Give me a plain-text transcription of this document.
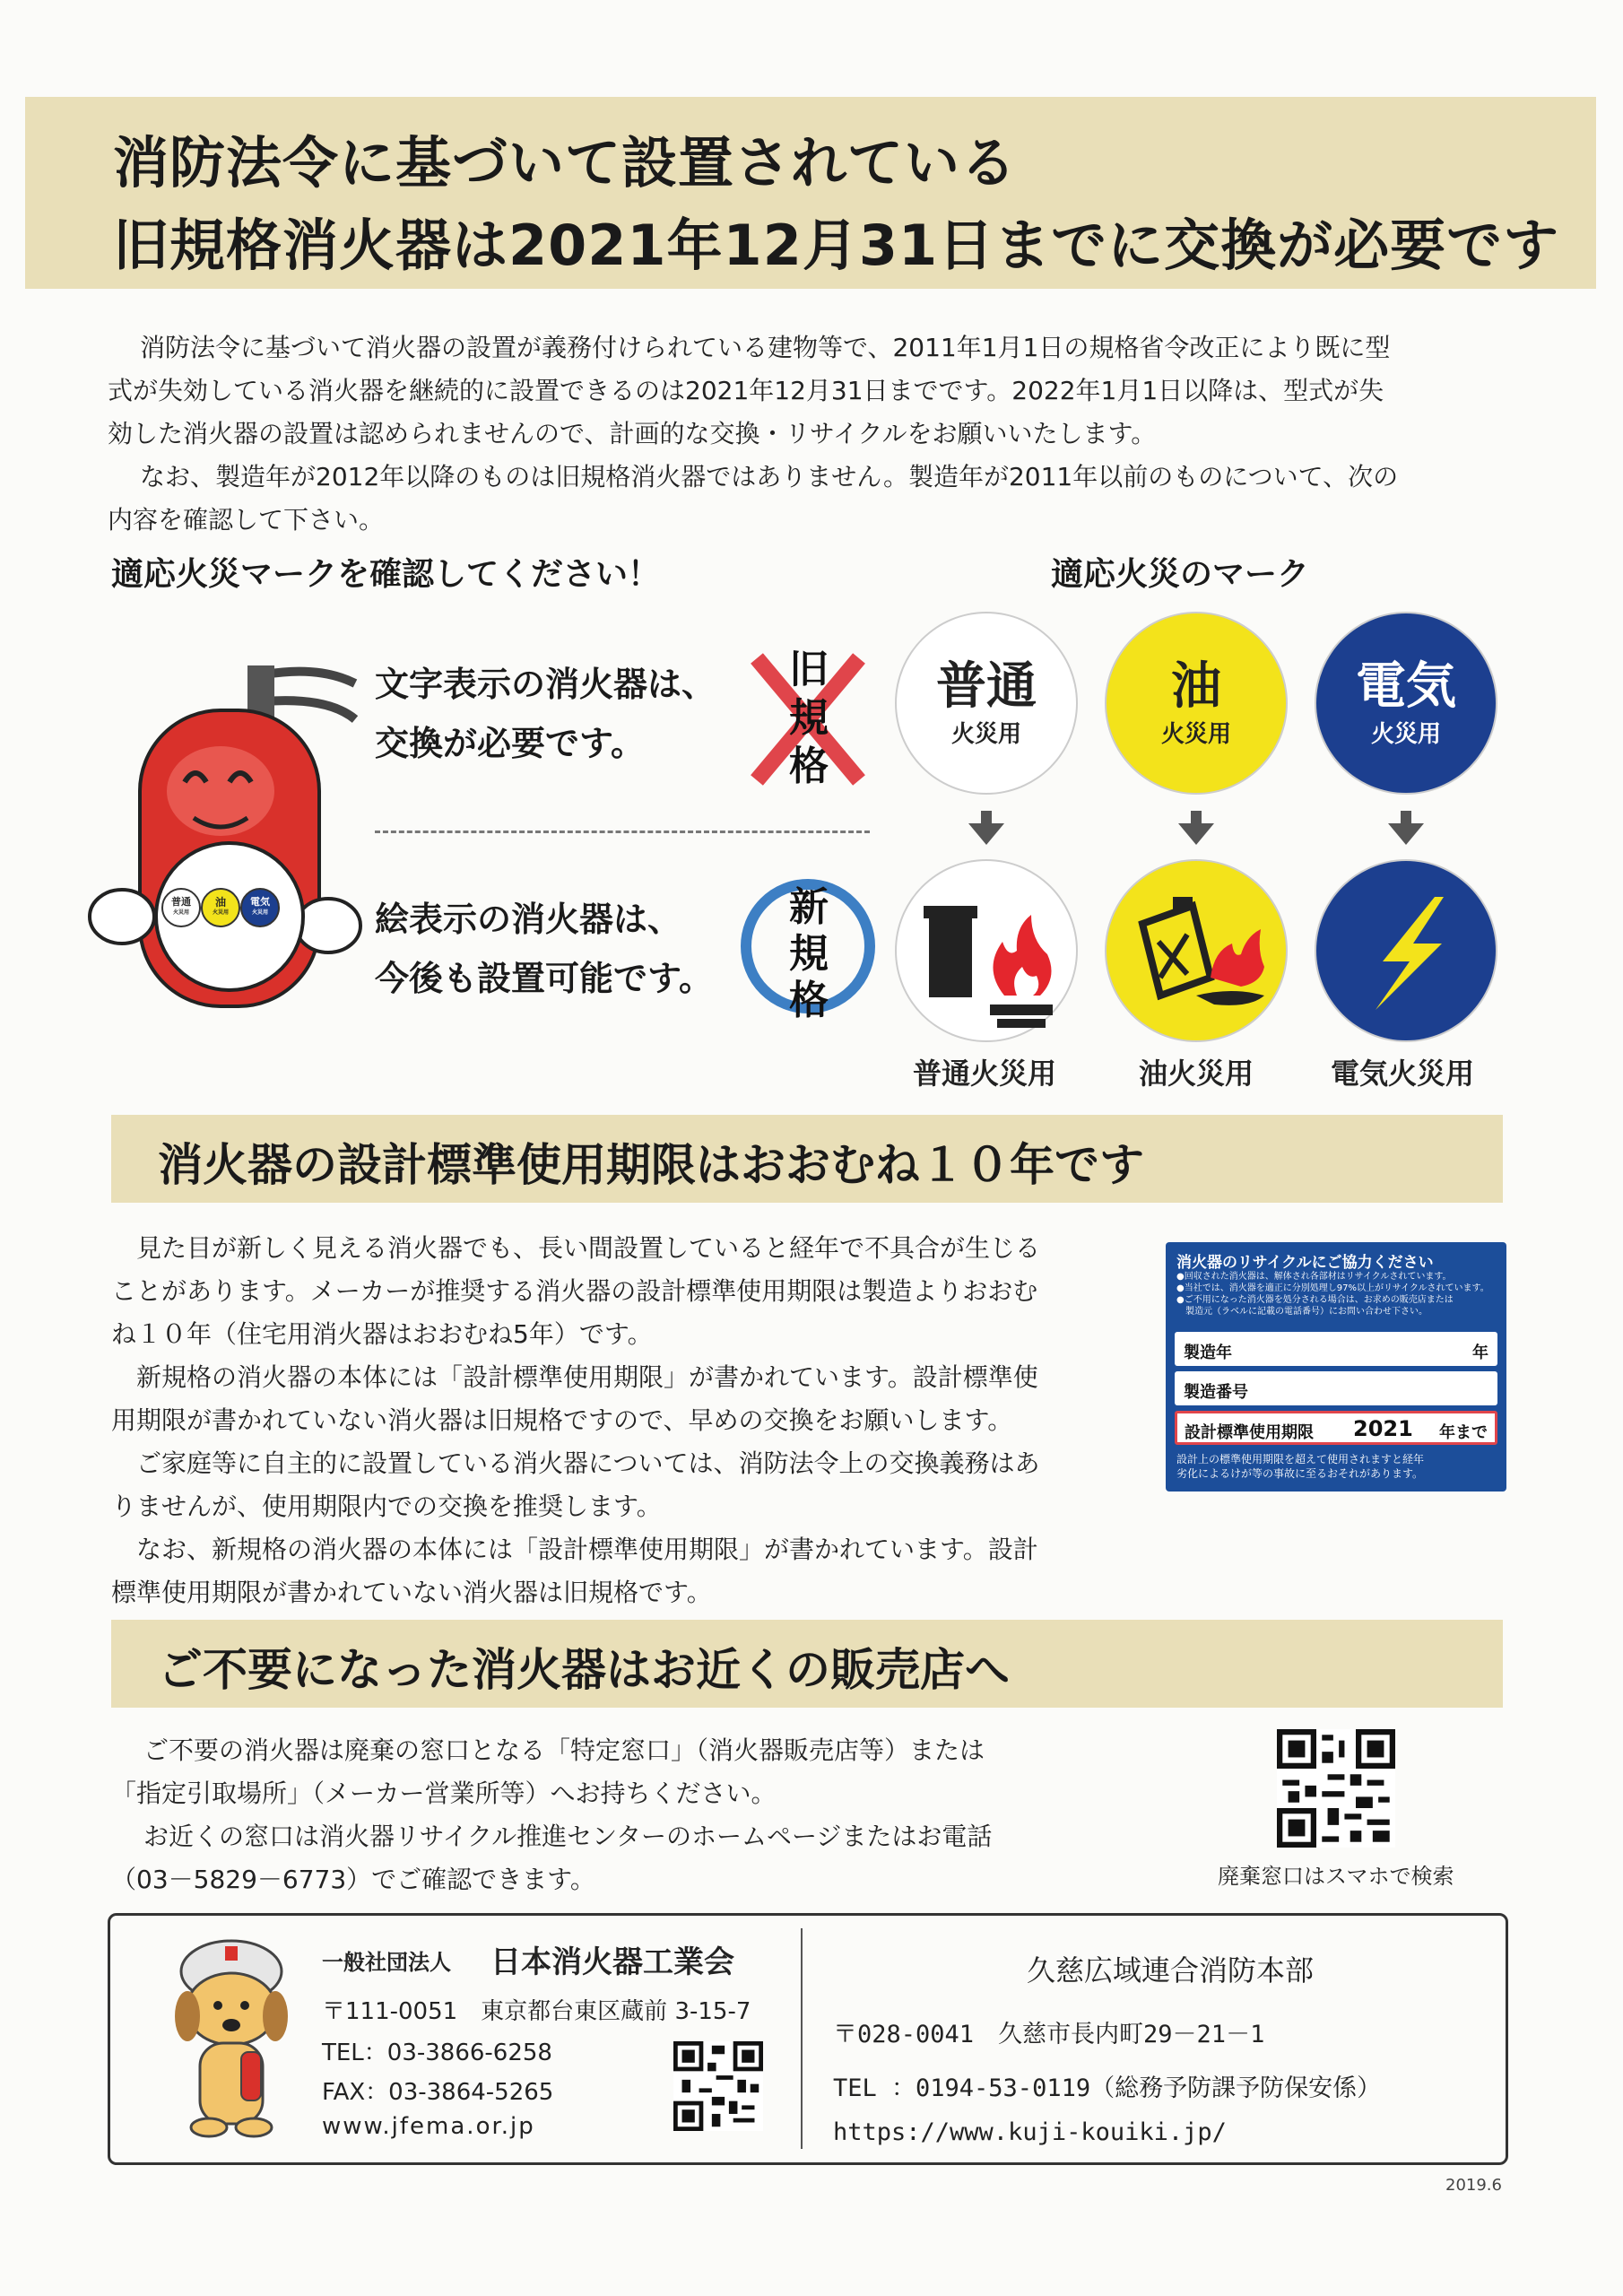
消防法令に基づいて設置されている
旧規格消火器は2021年12月31日までに交換が必要です

消防法令に基づいて消火器の設置が義務付けられている建物等で、2011年1月1日の規格省令改正により既に型

式が失効している消火器を継続的に設置できるのは2021年12月31日までです。2022年1月1日以降は、型式が失

効した消火器の設置は認められませんので、計画的な交換・リサイクルをお願いいたします。

なお、製造年が2012年以降のものは旧規格消火器ではありません。製造年が2011年以前のものについて、次の

内容を確認して下さい。

適応火災マークを確認してください！	適応火災のマーク
普通
火災用
油
火災用
電気
火災用
文字表示の消火器は、
交換が必要です。
絵表示の消火器は、
今後も設置可能です。
旧規格
新規格
普通
火災用
油
火災用
電気
火災用
普通火災用	油火災用	電気火災用
消火器の設計標準使用期限はおおむね１０年です

見た目が新しく見える消火器でも、長い間設置していると経年で不具合が生じる

ことがあります。メーカーが推奨する消火器の設計標準使用期限は製造よりおおむ

ね１０年（住宅用消火器はおおむね5年）です。

新規格の消火器の本体には「設計標準使用期限」が書かれています。設計標準使

用期限が書かれていない消火器は旧規格ですので、早めの交換をお願いします。

ご家庭等に自主的に設置している消火器については、消防法令上の交換義務はあ

りませんが、使用期限内での交換を推奨します。

なお、新規格の消火器の本体には「設計標準使用期限」が書かれています。設計

標準使用期限が書かれていない消火器は旧規格です。

消火器のリサイクルにご協力ください
●回収された消火器は、解体され各部材はリサイクルされています。
●当社では、消火器を適正に分別処理し97%以上がリサイクルされています。
●ご不用になった消火器を処分される場合は、お求めの販売店または
　製造元（ラベルに記載の電話番号）にお問い合わせ下さい。
製造年	年
製造番号
設計標準使用期限 2021 年まで
設計上の標準使用期限を超えて使用されますと経年
劣化によるけが等の事故に至るおそれがあります。
ご不要になった消火器はお近くの販売店へ

ご不要の消火器は廃棄の窓口となる「特定窓口」（消火器販売店等）または

「指定引取場所」（メーカー営業所等）へお持ちください。

お近くの窓口は消火器リサイクル推進センターのホームページまたはお電話

（03－5829－6773）でご確認できます。	廃棄窓口はスマホで検索
一般社団法人 日本消火器工業会
〒111-0051　東京都台東区蔵前 3-15-7
TEL：03-3866-6258
FAX：03-3864-5265
www.jfema.or.jp
久慈広域連合消防本部
〒028-0041　久慈市長内町29－21－1
TEL ：0194-53-0119（総務予防課予防保安係）
https://www.kuji-kouiki.jp/
2019.6
